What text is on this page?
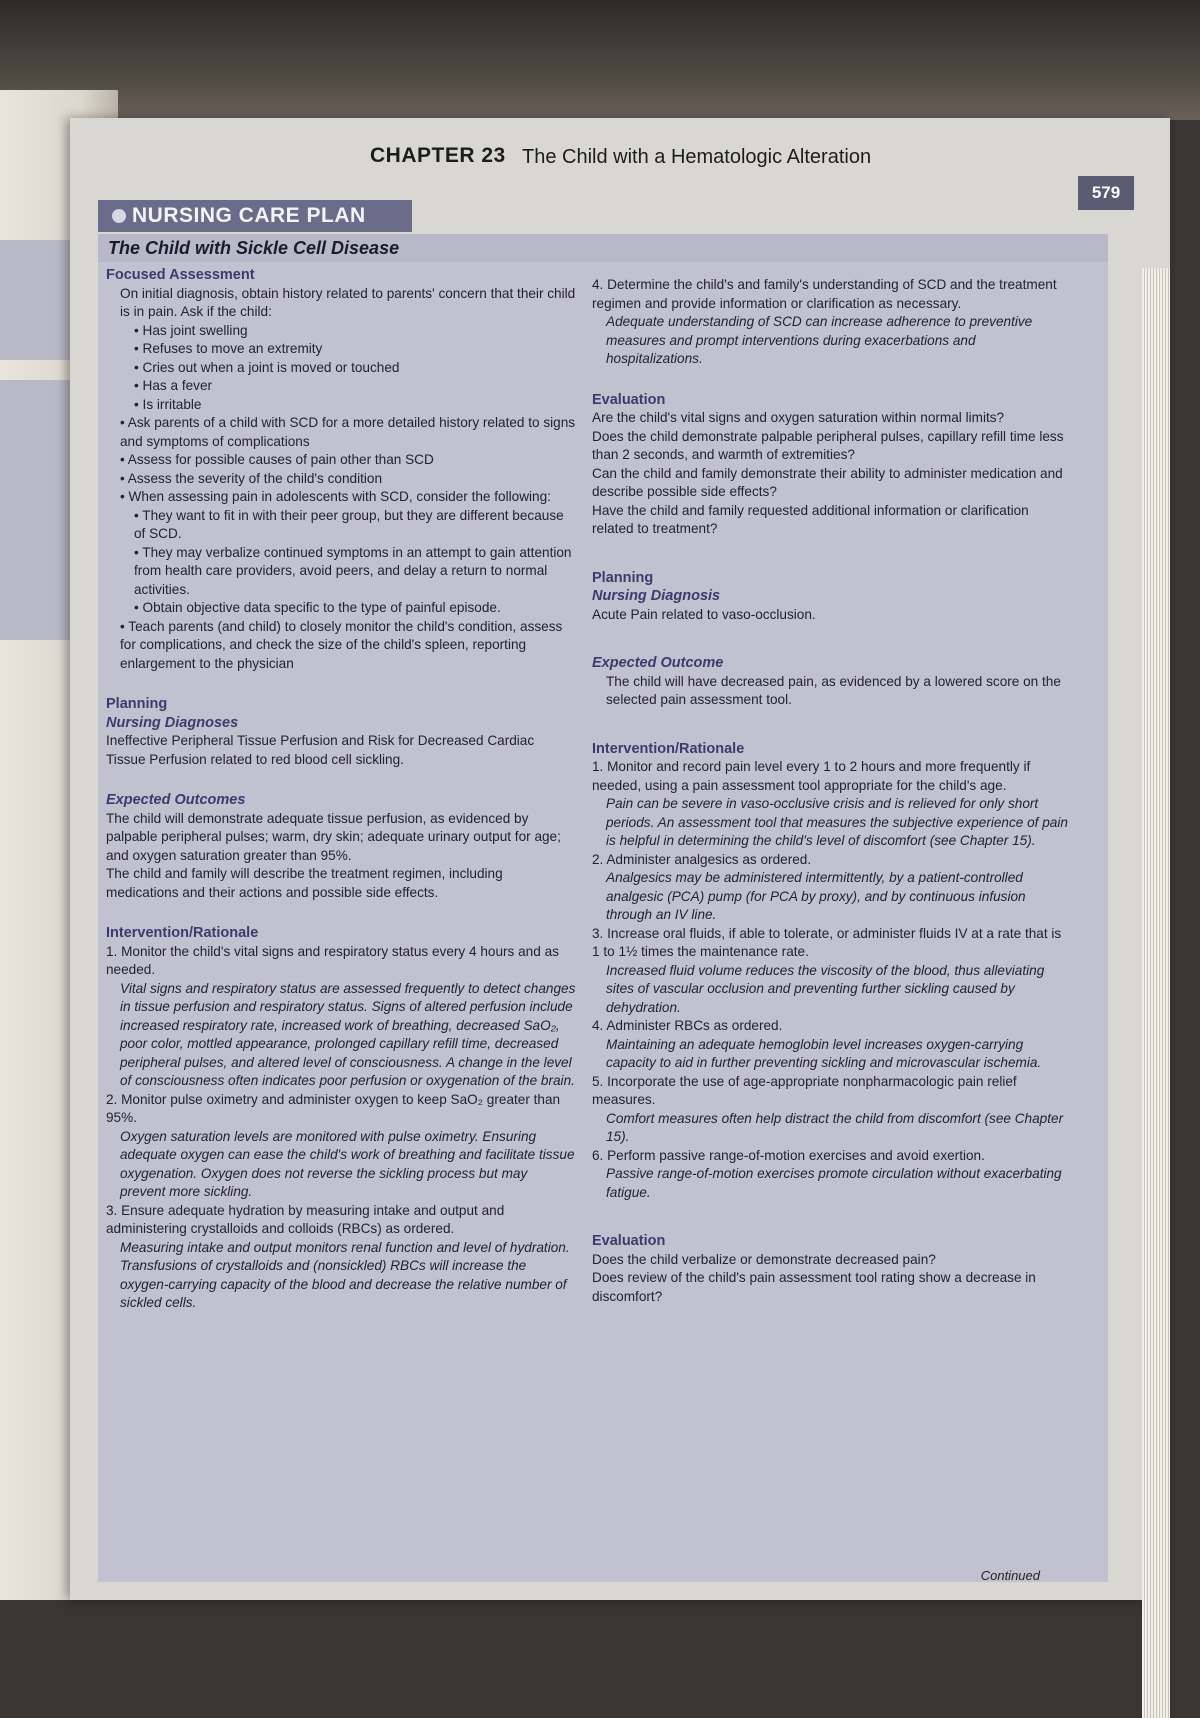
CHAPTER 23 The Child with a Hematologic Alteration
579
NURSING CARE PLAN
The Child with Sickle Cell Disease

Focused Assessment

On initial diagnosis, obtain history related to parents' concern that their child is in pain. Ask if the child:

• Has joint swelling

• Refuses to move an extremity

• Cries out when a joint is moved or touched

• Has a fever

• Is irritable

• Ask parents of a child with SCD for a more detailed history related to signs and symptoms of complications

• Assess for possible causes of pain other than SCD

• Assess the severity of the child's condition

• When assessing pain in adolescents with SCD, consider the following:

• They want to fit in with their peer group, but they are different because of SCD.

• They may verbalize continued symptoms in an attempt to gain attention from health care providers, avoid peers, and delay a return to normal activities.

• Obtain objective data specific to the type of painful episode.

• Teach parents (and child) to closely monitor the child's condition, assess for complications, and check the size of the child's spleen, reporting enlargement to the physician

Planning

Nursing Diagnoses

Ineffective Peripheral Tissue Perfusion and Risk for Decreased Cardiac Tissue Perfusion related to red blood cell sickling.

Expected Outcomes

The child will demonstrate adequate tissue perfusion, as evidenced by palpable peripheral pulses; warm, dry skin; adequate urinary output for age; and oxygen saturation greater than 95%.

The child and family will describe the treatment regimen, including medications and their actions and possible side effects.

Intervention/Rationale

1. Monitor the child's vital signs and respiratory status every 4 hours and as needed.

Vital signs and respiratory status are assessed frequently to detect changes in tissue perfusion and respiratory status. Signs of altered perfusion include increased respiratory rate, increased work of breathing, decreased SaO₂, poor color, mottled appearance, prolonged capillary refill time, decreased peripheral pulses, and altered level of consciousness. A change in the level of consciousness often indicates poor perfusion or oxygenation of the brain.

2. Monitor pulse oximetry and administer oxygen to keep SaO₂ greater than 95%.

Oxygen saturation levels are monitored with pulse oximetry. Ensuring adequate oxygen can ease the child's work of breathing and facilitate tissue oxygenation. Oxygen does not reverse the sickling process but may prevent more sickling.

3. Ensure adequate hydration by measuring intake and output and administering crystalloids and colloids (RBCs) as ordered.

Measuring intake and output monitors renal function and level of hydration. Transfusions of crystalloids and (nonsickled) RBCs will increase the oxygen-carrying capacity of the blood and decrease the relative number of sickled cells.

4. Determine the child's and family's understanding of SCD and the treatment regimen and provide information or clarification as necessary.

Adequate understanding of SCD can increase adherence to preventive measures and prompt interventions during exacerbations and hospitalizations.

Evaluation

Are the child's vital signs and oxygen saturation within normal limits?

Does the child demonstrate palpable peripheral pulses, capillary refill time less than 2 seconds, and warmth of extremities?

Can the child and family demonstrate their ability to administer medication and describe possible side effects?

Have the child and family requested additional information or clarification related to treatment?

Planning

Nursing Diagnosis

Acute Pain related to vaso-occlusion.

Expected Outcome

The child will have decreased pain, as evidenced by a lowered score on the selected pain assessment tool.

Intervention/Rationale

1. Monitor and record pain level every 1 to 2 hours and more frequently if needed, using a pain assessment tool appropriate for the child's age.

Pain can be severe in vaso-occlusive crisis and is relieved for only short periods. An assessment tool that measures the subjective experience of pain is helpful in determining the child's level of discomfort (see Chapter 15).

2. Administer analgesics as ordered.

Analgesics may be administered intermittently, by a patient-controlled analgesic (PCA) pump (for PCA by proxy), and by continuous infusion through an IV line.

3. Increase oral fluids, if able to tolerate, or administer fluids IV at a rate that is 1 to 1½ times the maintenance rate.

Increased fluid volume reduces the viscosity of the blood, thus alleviating sites of vascular occlusion and preventing further sickling caused by dehydration.

4. Administer RBCs as ordered.

Maintaining an adequate hemoglobin level increases oxygen-carrying capacity to aid in further preventing sickling and microvascular ischemia.

5. Incorporate the use of age-appropriate nonpharmacologic pain relief measures.

Comfort measures often help distract the child from discomfort (see Chapter 15).

6. Perform passive range-of-motion exercises and avoid exertion.

Passive range-of-motion exercises promote circulation without exacerbating fatigue.

Evaluation

Does the child verbalize or demonstrate decreased pain?

Does review of the child's pain assessment tool rating show a decrease in discomfort?

Continued
